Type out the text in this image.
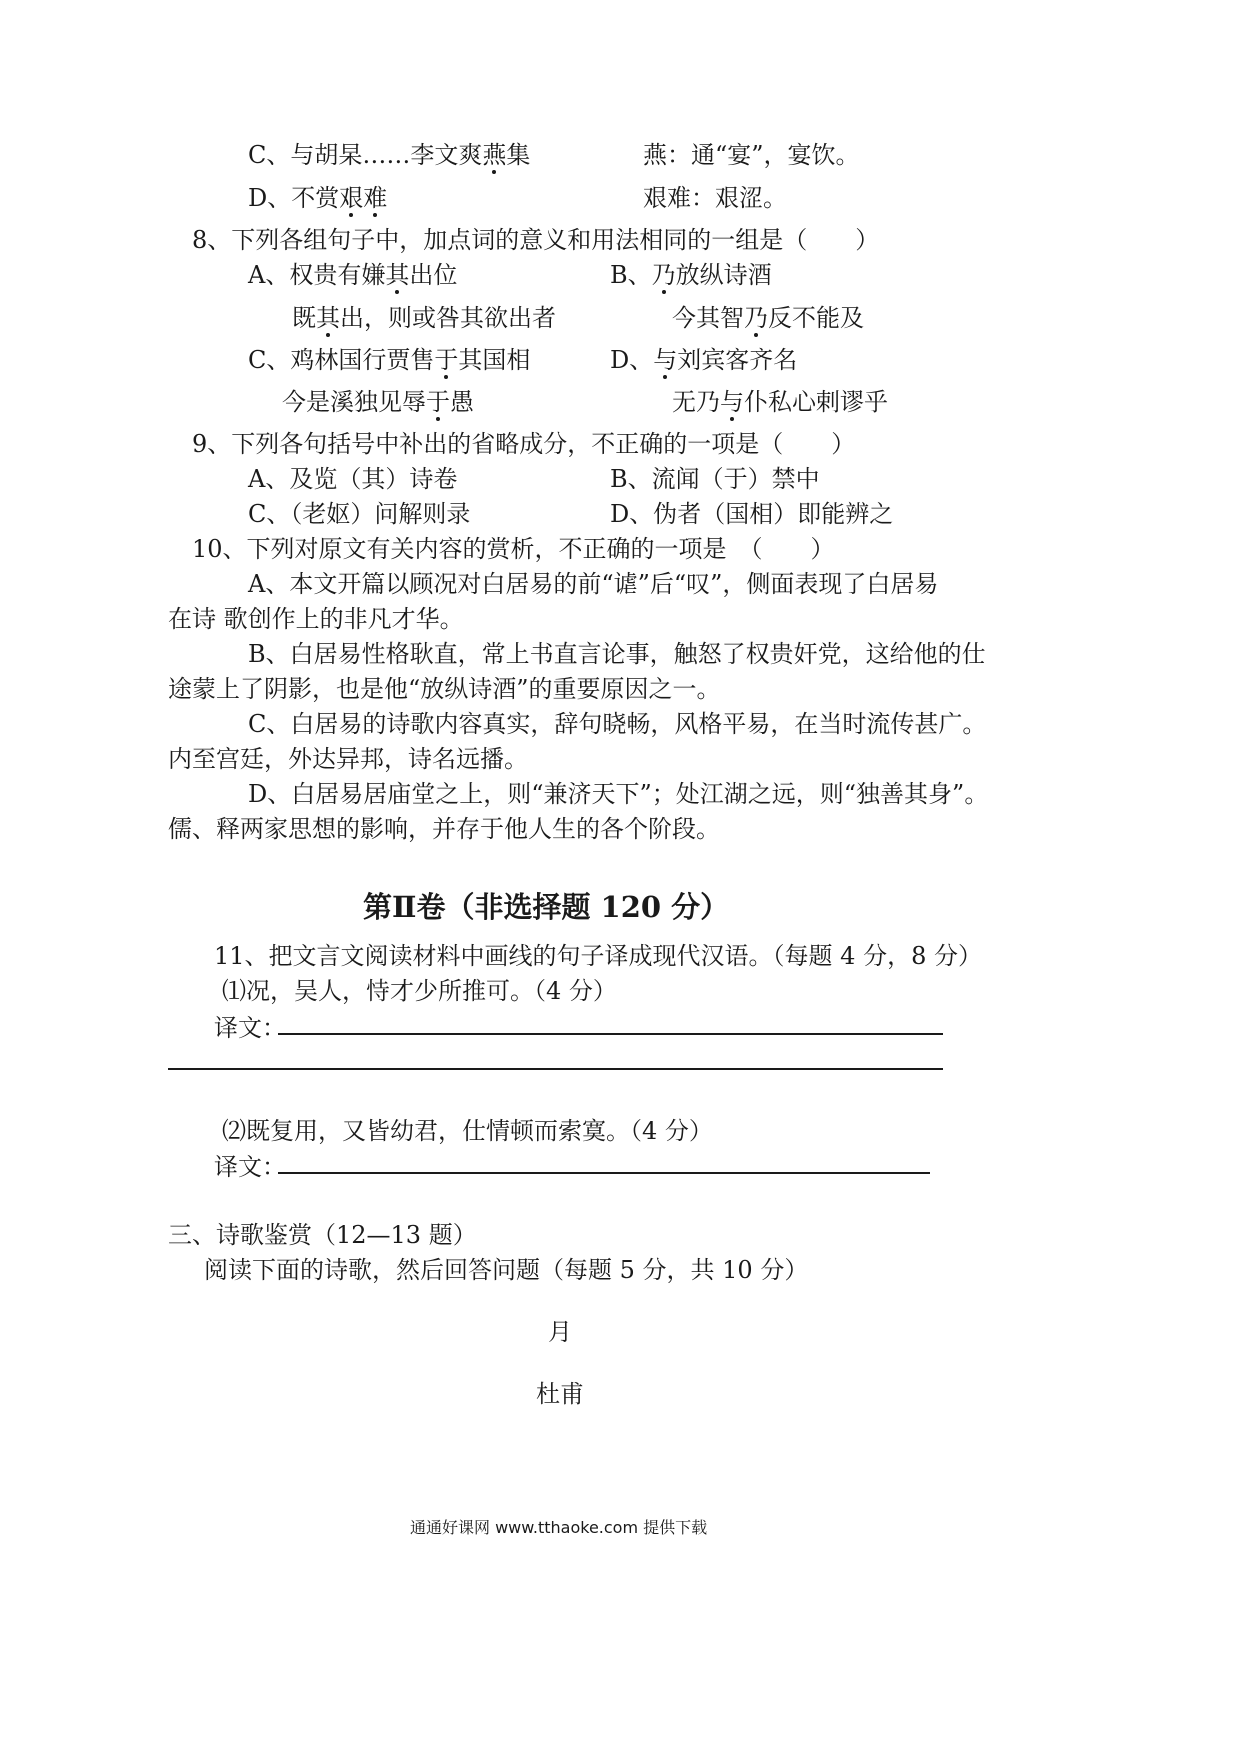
C、与胡杲……李文爽燕集	燕：通“宴”，宴饮。
D、不赏艰难	艰难：艰涩。
8、下列各组句子中，加点词的意义和用法相同的一组是（　　）
A、权贵有嫌其出位	B、乃放纵诗酒
既其出，则或咎其欲出者	今其智乃反不能及
C、鸡林国行贾售于其国相	D、与刘宾客齐名
今是溪独见辱于愚	无乃与仆私心剌谬乎
9、下列各句括号中补出的省略成分，不正确的一项是（　　）
A、及览（其）诗卷	B、流闻（于）禁中
C、（老妪）问解则录	D、伪者（国相）即能辨之
10、下列对原文有关内容的赏析，不正确的一项是　（　　）
A、本文开篇以顾况对白居易的前“谑”后“叹”，侧面表现了白居易
在诗 歌创作上的非凡才华。
B、白居易性格耿直，常上书直言论事，触怒了权贵奸党，这给他的仕
途蒙上了阴影，也是他“放纵诗酒”的重要原因之一。
C、白居易的诗歌内容真实，辞句晓畅，风格平易，在当时流传甚广。
内至宫廷，外达异邦，诗名远播。
D、白居易居庙堂之上，则“兼济天下”；处江湖之远，则“独善其身”。
儒、释两家思想的影响，并存于他人生的各个阶段。
第Ⅱ卷（非选择题 120 分）
11、把文言文阅读材料中画线的句子译成现代汉语。（每题 4 分，8 分）
⑴况，吴人，恃才少所推可。（4 分）
译文：
⑵既复用，又皆幼君，仕情顿而索寞。（4 分）
译文：
三、诗歌鉴赏（12—13 题）
阅读下面的诗歌，然后回答问题（每题 5 分，共 10 分）
月
杜甫
通通好课网 www.tthaoke.com 提供下载
